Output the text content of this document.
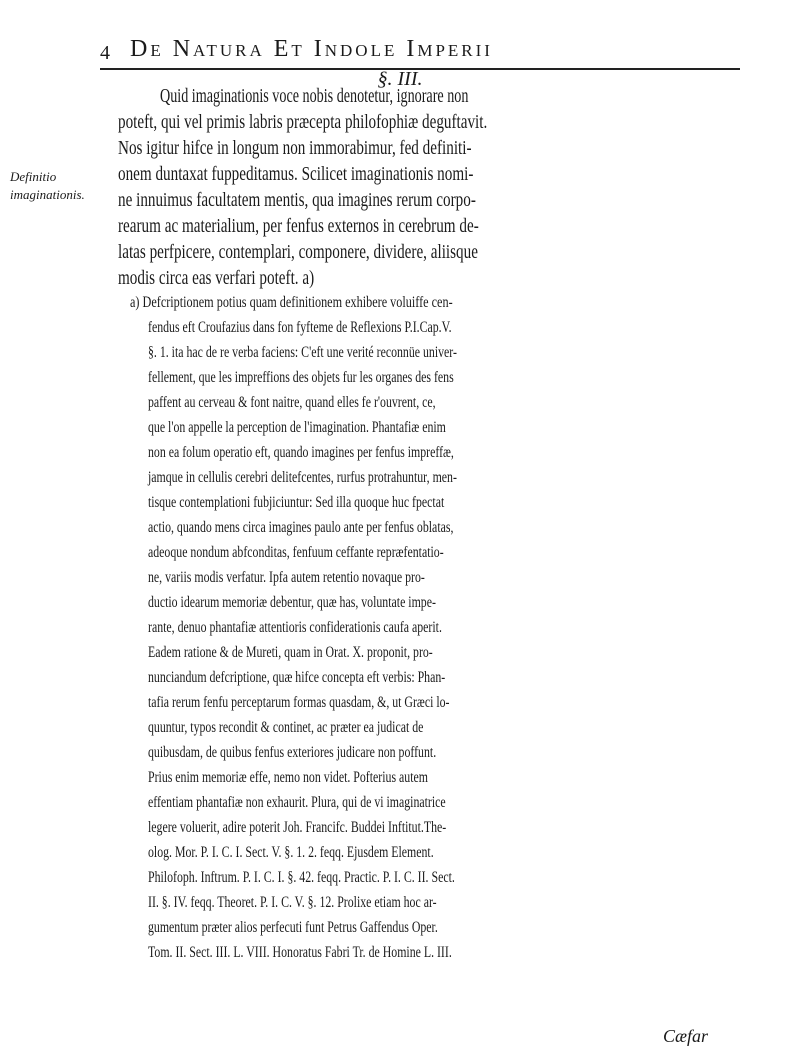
4 De Natura Et Indole Imperii
§. III.
Definitio imaginationis.
Quid imaginationis voce nobis denotetur, ignorare non
poteft, qui vel primis labris præcepta philofophiæ deguftavit.
Nos igitur hifce in longum non immorabimur, fed definiti-
onem duntaxat fuppeditamus. Scilicet imaginationis nomi-
ne innuimus facultatem mentis, qua imagines rerum corpo-
rearum ac materialium, per fenfus externos in cerebrum de-
latas perfpicere, contemplari, componere, dividere, aliisque
modis circa eas verfari poteft. a)
a) Defcriptionem potius quam definitionem exhibere voluiffe cen-
fendus eft Croufazius dans fon fyfteme de Reflexions P.I.Cap.V.
§. 1. ita hac de re verba faciens: C'eft une verité reconnüe univer-
fellement, que les impreffions des objets fur les organes des fens
paffent au cerveau & font naitre, quand elles fe r'ouvrent, ce,
que l'on appelle la perception de l'imagination. Phantafiæ enim
non ea folum operatio eft, quando imagines per fenfus impreffæ,
jamque in cellulis cerebri delitefcentes, rurfus protrahuntur, men-
tisque contemplationi fubjiciuntur: Sed illa quoque huc fpectat
actio, quando mens circa imagines paulo ante per fenfus oblatas,
adeoque nondum abfconditas, fenfuum ceffante repræfentatio-
ne, variis modis verfatur. Ipfa autem retentio novaque pro-
ductio idearum memoriæ debentur, quæ has, voluntate impe-
rante, denuo phantafiæ attentioris confiderationis caufa aperit.
Eadem ratione & de Mureti, quam in Orat. X. proponit, pro-
nunciandum defcriptione, quæ hifce concepta eft verbis: Phan-
tafia rerum fenfu perceptarum formas quasdam, &, ut Græci lo-
quuntur, typos recondit & continet, ac præter ea judicat de
quibusdam, de quibus fenfus exteriores judicare non poffunt.
Prius enim memoriæ effe, nemo non videt. Pofterius autem
effentiam phantafiæ non exhaurit. Plura, qui de vi imaginatrice
legere voluerit, adire poterit Joh. Francifc. Buddei Inftitut.The-
olog. Mor. P. I. C. I. Sect. V. §. 1. 2. feqq. Ejusdem Element.
Philofoph. Inftrum. P. I. C. I. §. 42. feqq. Practic. P. I. C. II. Sect.
II. §. IV. feqq. Theoret. P. I. C. V. §. 12. Prolixe etiam hoc ar-
gumentum præter alios perfecuti funt Petrus Gaffendus Oper.
Tom. II. Sect. III. L. VIII. Honoratus Fabri Tr. de Homine L. III.
Cæfar
